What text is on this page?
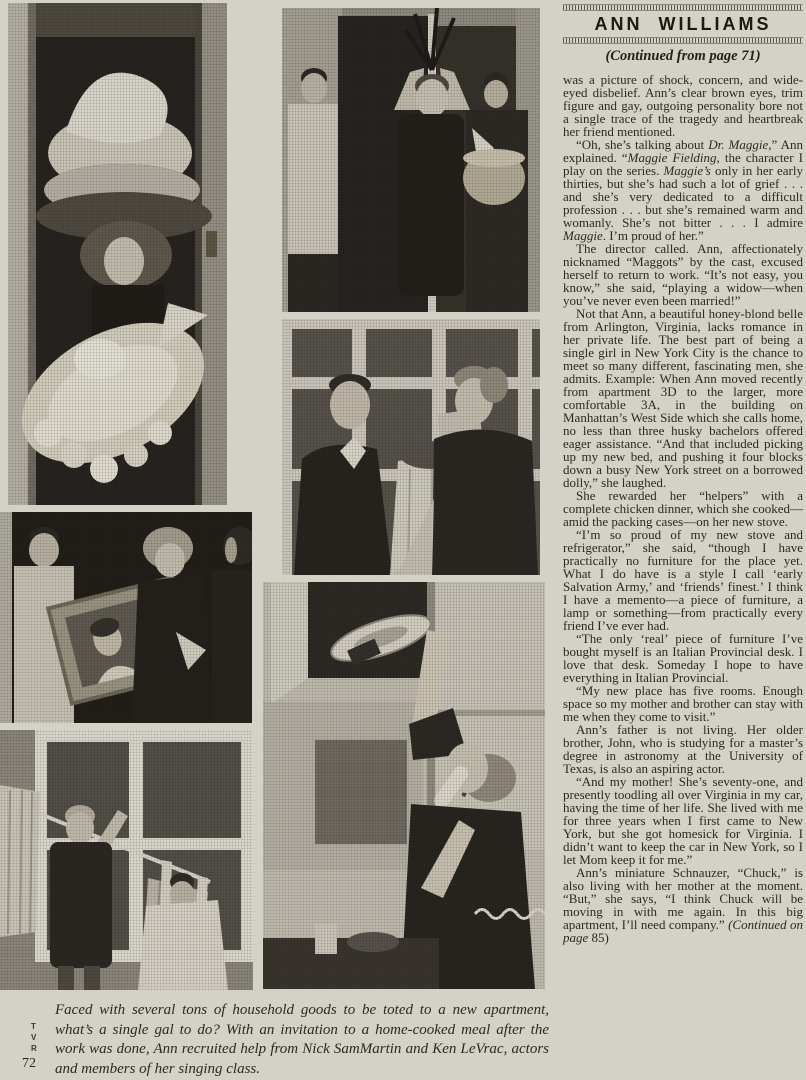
ANN WILLIAMS
(Continued from page 71)

was a picture of shock, concern, and wide-eyed disbelief. Ann’s clear brown eyes, trim figure and gay, outgoing personality bore not a single trace of the tragedy and heartbreak her friend mentioned.

“Oh, she’s talking about Dr. Maggie,” Ann explained. “Maggie Fielding, the character I play on the series. Maggie’s only in her early thirties, but she’s had such a lot of grief . . . and she’s very dedicated to a difficult profession . . . but she’s remained warm and womanly. She’s not bitter . . . I admire Maggie. I’m proud of her.”

The director called. Ann, affectionately nicknamed “Maggots” by the cast, excused herself to return to work. “It’s not easy, you know,” she said, “playing a widow—when you’ve never even been married!”

Not that Ann, a beautiful honey-blond belle from Arlington, Virginia, lacks romance in her private life. The best part of being a single girl in New York City is the chance to meet so many different, fascinating men, she admits. Example: When Ann moved recently from apartment 3D to the larger, more comfortable 3A, in the building on Manhattan’s West Side which she calls home, no less than three husky bachelors offered eager assistance. “And that included picking up my new bed, and pushing it four blocks down a busy New York street on a borrowed dolly,” she laughed.

She rewarded her “helpers” with a complete chicken dinner, which she cooked—amid the packing cases—on her new stove.

“I’m so proud of my new stove and refrigerator,” she said, “though I have practically no furniture for the place yet. What I do have is a style I call ‘early Salvation Army,’ and ‘friends’ finest.’ I think I have a memento—a piece of furniture, a lamp or something—from practically every friend I’ve ever had.

“The only ‘real’ piece of furniture I’ve bought myself is an Italian Provincial desk. I love that desk. Someday I hope to have everything in Italian Provincial.

“My new place has five rooms. Enough space so my mother and brother can stay with me when they come to visit.”

Ann’s father is not living. Her older brother, John, who is studying for a master’s degree in astronomy at the University of Texas, is also an aspiring actor.

“And my mother! She’s seventy-one, and presently toodling all over Virginia in my car, having the time of her life. She lived with me for three years when I first came to New York, but she got homesick for Virginia. I didn’t want to keep the car in New York, so I let Mom keep it for me.”

Ann’s miniature Schnauzer, “Chuck,” is also living with her mother at the moment. “But,” she says, “I think Chuck will be moving in with me again. In this big apartment, I’ll need company.” (Continued on page 85)

Faced with several tons of household goods to be toted to a new apartment, what’s a single gal to do? With an invitation to a home-cooked meal after the work was done, Ann recruited help from Nick SamMartin and Ken LeVrac, actors and members of her singing class.
T
V
R
72
